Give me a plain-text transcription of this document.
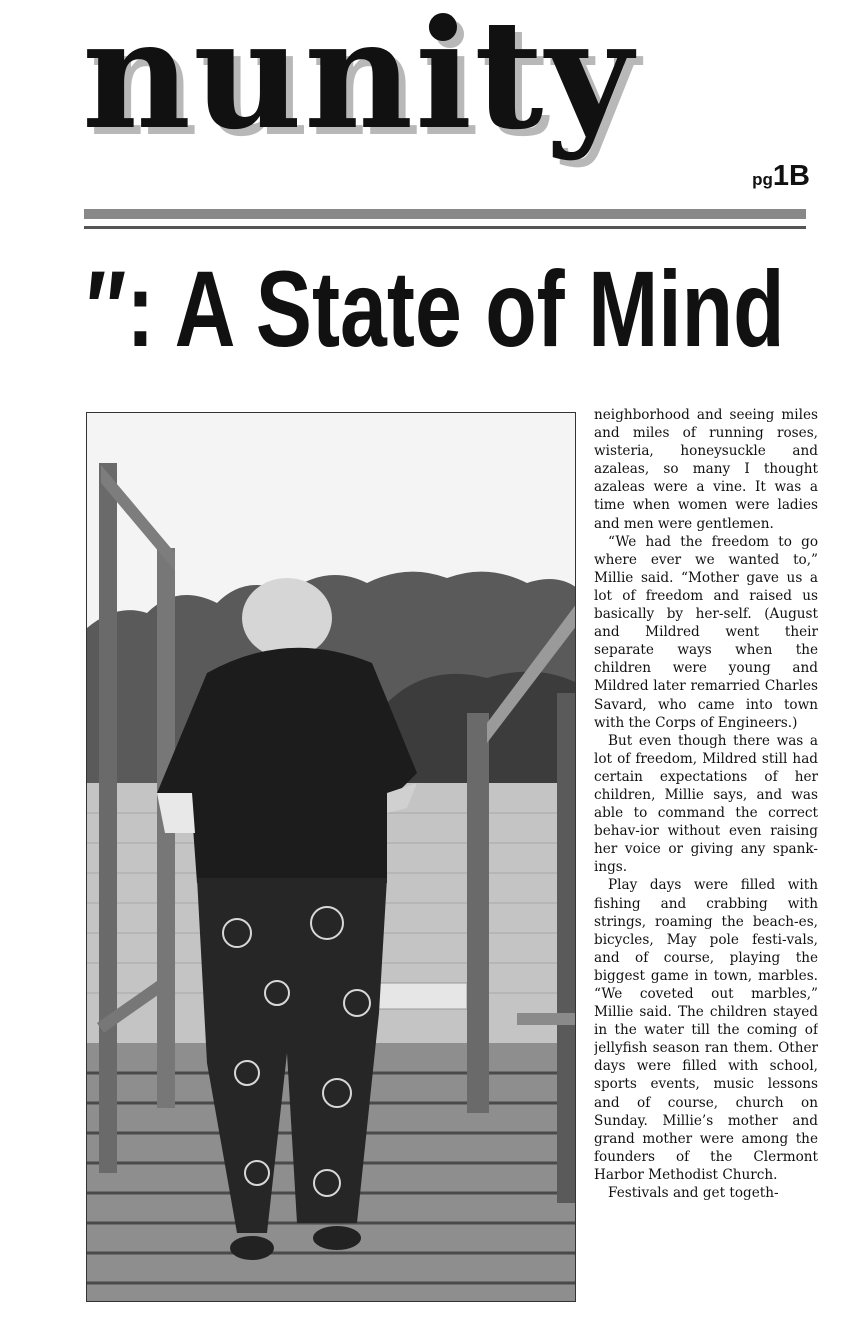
nunity
pg1B
″: A State of Mind

neighborhood and seeing miles and miles of running roses, wisteria, honeysuckle and azaleas, so many I thought azaleas were a vine. It was a time when women were ladies and men were gentlemen.

“We had the freedom to go where ever we wanted to,” Millie said. “Mother gave us a lot of freedom and raised us basically by her-self. (August and Mildred went their separate ways when the children were young and Mildred later remarried Charles Savard, who came into town with the Corps of Engineers.)

But even though there was a lot of freedom, Mildred still had certain expectations of her children, Millie says, and was able to command the correct behav-ior without even raising her voice or giving any spank-ings.

Play days were filled with fishing and crabbing with strings, roaming the beach-es, bicycles, May pole festi-vals, and of course, playing the biggest game in town, marbles. “We coveted out marbles,” Millie said. The children stayed in the water till the coming of jellyfish season ran them. Other days were filled with school, sports events, music lessons and of course, church on Sunday. Millie’s mother and grand mother were among the founders of the Clermont Harbor Methodist Church.

Festivals and get togeth-
